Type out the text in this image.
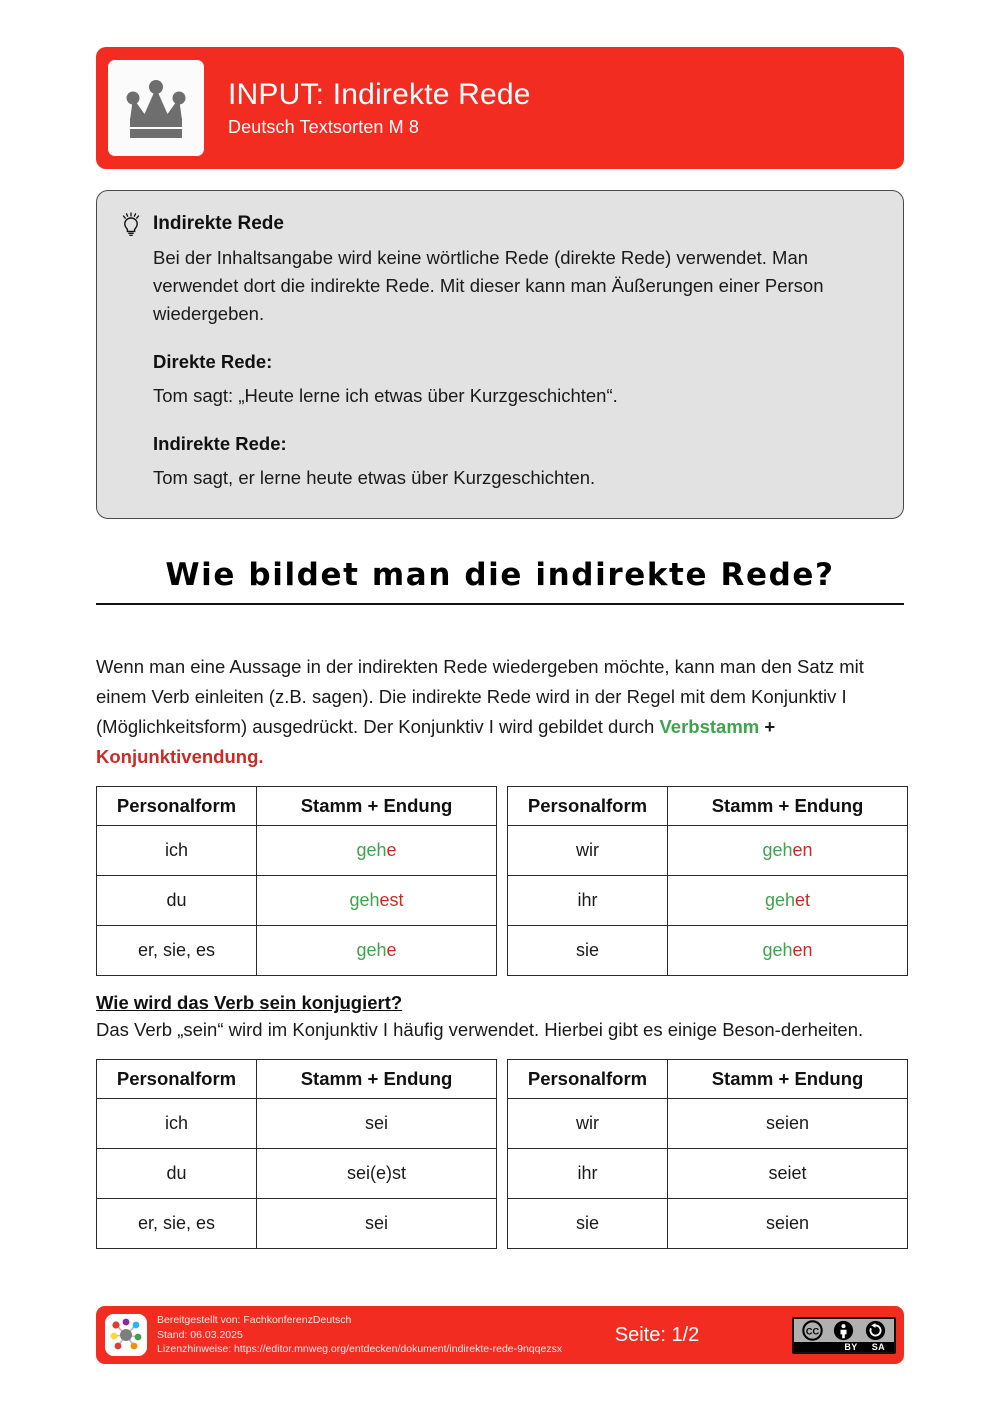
INPUT: Indirekte Rede
Deutsch Textsorten M 8
Indirekte Rede

Bei der Inhaltsangabe wird keine wörtliche Rede (direkte Rede) verwendet. Man verwendet dort die indirekte Rede. Mit dieser kann man Äußerungen einer Person wiedergeben.

Direkte Rede:

Tom sagt: „Heute lerne ich etwas über Kurzgeschichten“.

Indirekte Rede:

Tom sagt, er lerne heute etwas über Kurzgeschichten.

Wie bildet man die indirekte Rede?

Wenn man eine Aussage in der indirekten Rede wiedergeben möchte, kann man den Satz mit einem Verb einleiten (z.B. sagen). Die indirekte Rede wird in der Regel mit dem Konjunktiv I (Möglichkeitsform) ausgedrückt. Der Konjunktiv I wird gebildet durch Verbstamm + Konjunktivendung.

Personalform	Stamm + Endung
ich	gehe
du	gehest
er, sie, es	gehe
Personalform	Stamm + Endung
wir	gehen
ihr	gehet
sie	gehen
Wie wird das Verb sein konjugiert?

Das Verb „sein“ wird im Konjunktiv I häufig verwendet. Hierbei gibt es einige Beson-derheiten.

Personalform	Stamm + Endung
ich	sei
du	sei(e)st
er, sie, es	sei
Personalform	Stamm + Endung
wir	seien
ihr	seiet
sie	seien
Bereitgestellt von: FachkonferenzDeutsch
Stand: 06.03.2025
Lizenzhinweise: https://editor.mnweg.org/entdecken/dokument/indirekte-rede-9nqqezsx
Seite: 1/2	CC
BY SA
